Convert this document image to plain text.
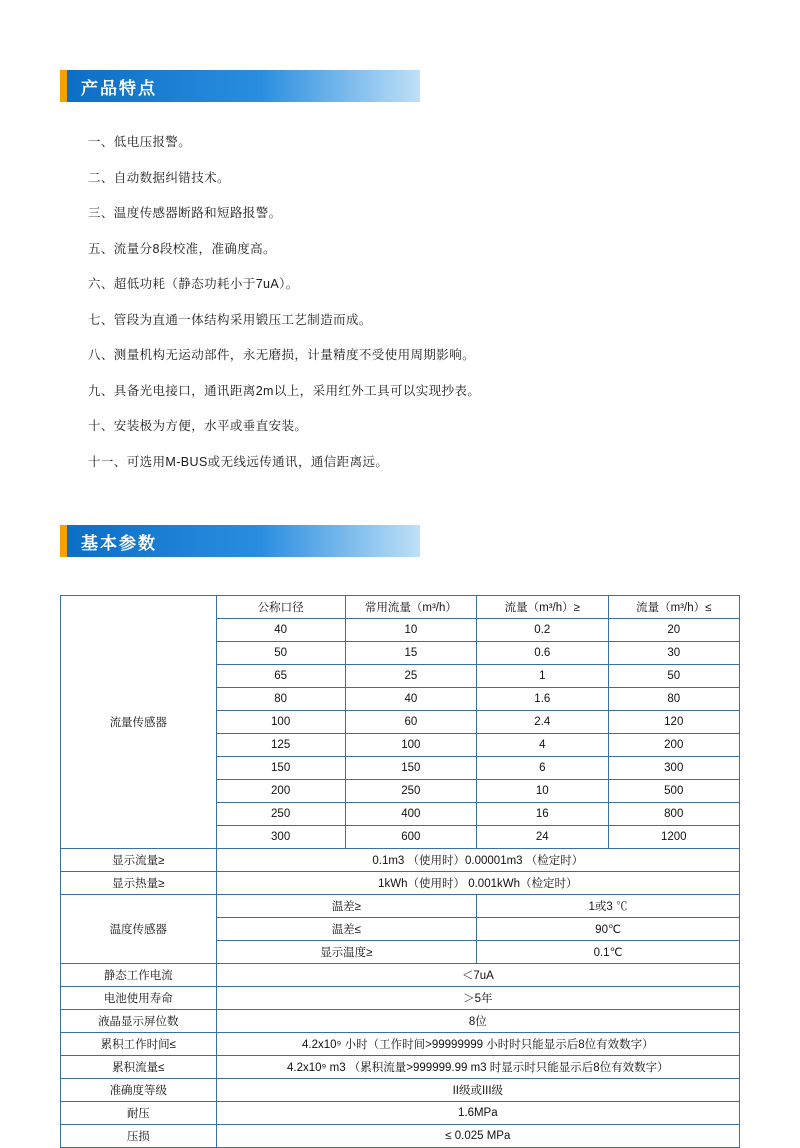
产品特点
一、低电压报警。
二、自动数据纠错技术。
三、温度传感器断路和短路报警。
五、流量分8段校准，准确度高。
六、超低功耗（静态功耗小于7uA）。
七、管段为直通一体结构采用锻压工艺制造而成。
八、测量机构无运动部件，永无磨损，计量精度不受使用周期影响。
九、具备光电接口，通讯距离2m以上，采用红外工具可以实现抄表。
十、安装极为方便，水平或垂直安装。
十一、可选用M-BUS或无线远传通讯，通信距离远。
基本参数
流量传感器	公称口径	常用流量（m³/h）	流量（m³/h）≥	流量（m³/h）≤
	40	10	0.2	20
	50	15	0.6	30
	65	25	1	50
	80	40	1.6	80
	100	60	2.4	120
	125	100	4	200
	150	150	6	300
	200	250	10	500
	250	400	16	800
	300	600	24	1200
显示流量≥	0.1m3 （使用时）0.00001m3 （检定时）			
显示热量≥	1kWh（使用时） 0.001kWh（检定时）			
温度传感器	温差≥		1或3 ℃	
	温差≤		90℃	
	显示温度≥		0.1℃	
静态工作电流	＜7uA			
电池使用寿命	＞5年			
液晶显示屏位数	8位			
累积工作时间≤	4.2x10⁹ 小时（工作时间>99999999 小时时只能显示后8位有效数字）			
累积流量≤	4.2x10⁹ m3 （累积流量>999999.99 m3 时显示时只能显示后8位有效数字）			
准确度等级	II级或III级			
耐压	1.6MPa			
压损	≤ 0.025 MPa			
